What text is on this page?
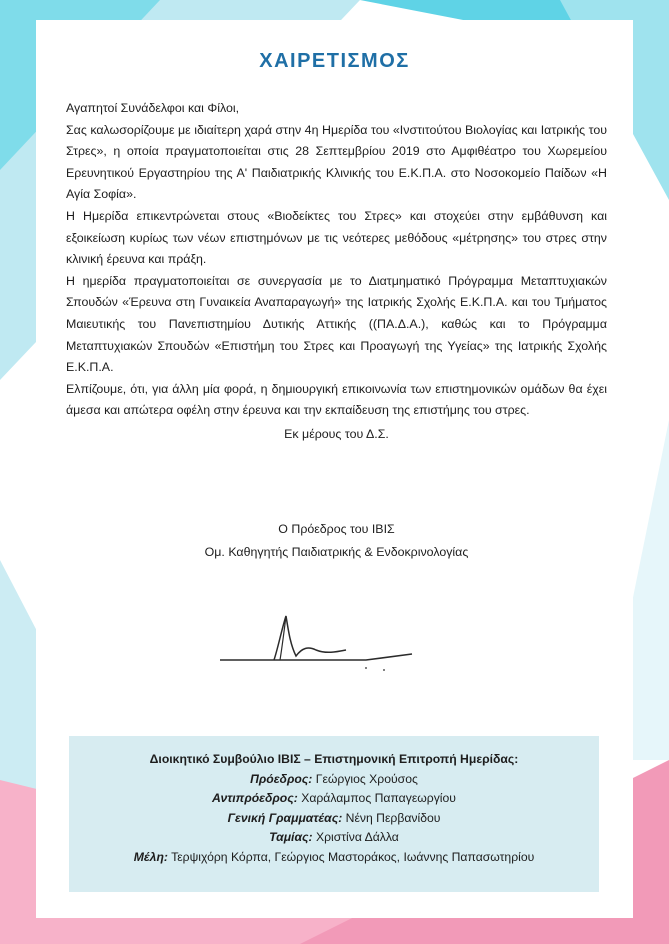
ΧΑΙΡΕΤΙΣΜΟΣ

Αγαπητοί Συνάδελφοι και Φίλοι,

Σας καλωσορίζουμε με ιδιαίτερη χαρά στην 4η Ημερίδα του «Ινστιτούτου Βιολογίας και Ιατρικής του Στρες», η οποία πραγματοποιείται στις 28 Σεπτεμβρίου 2019 στο Αμφιθέατρο του Χωρεμείου Ερευνητικού Εργαστηρίου της Α' Παιδιατρικής Κλινικής του Ε.Κ.Π.Α. στο Νοσοκομείο Παίδων «Η Αγία Σοφία».

Η Ημερίδα επικεντρώνεται στους «Βιοδείκτες του Στρες» και στοχεύει στην εμβάθυνση και εξοικείωση κυρίως των νέων επιστημόνων με τις νεότερες μεθόδους «μέτρησης» του στρες στην κλινική έρευνα και πράξη.

Η ημερίδα πραγματοποιείται σε συνεργασία με το Διατμηματικό Πρόγραμμα Μεταπτυχιακών Σπουδών «Έρευνα στη Γυναικεία Αναπαραγωγή» της Ιατρικής Σχολής Ε.Κ.Π.Α. και του Τμήματος Μαιευτικής του Πανεπιστημίου Δυτικής Αττικής ((ΠΑ.Δ.Α.), καθώς και το Πρόγραμμα Μεταπτυχιακών Σπουδών «Επιστήμη του Στρες και Προαγωγή της Υγείας» της Ιατρικής Σχολής Ε.Κ.Π.Α.

Ελπίζουμε, ότι, για άλλη μία φορά, η δημιουργική επικοινωνία των επιστημονικών ομάδων θα έχει άμεσα και απώτερα οφέλη στην έρευνα και την εκπαίδευση της επιστήμης του στρες.

Εκ μέρους του Δ.Σ.

Ο Πρόεδρος του ΙΒΙΣ
Ομ. Καθηγητής Παιδιατρικής & Ενδοκρινολογίας
Διοικητικό Συμβούλιο ΙΒΙΣ – Επιστημονική Επιτροπή Ημερίδας:
Πρόεδρος: Γεώργιος Χρούσος
Αντιπρόεδρος: Χαράλαμπος Παπαγεωργίου
Γενική Γραμματέας: Νένη Περβανίδου
Ταμίας: Χριστίνα Δάλλα
Μέλη: Τερψιχόρη Κόρπα, Γεώργιος Μαστοράκος, Ιωάννης Παπασωτηρίου
